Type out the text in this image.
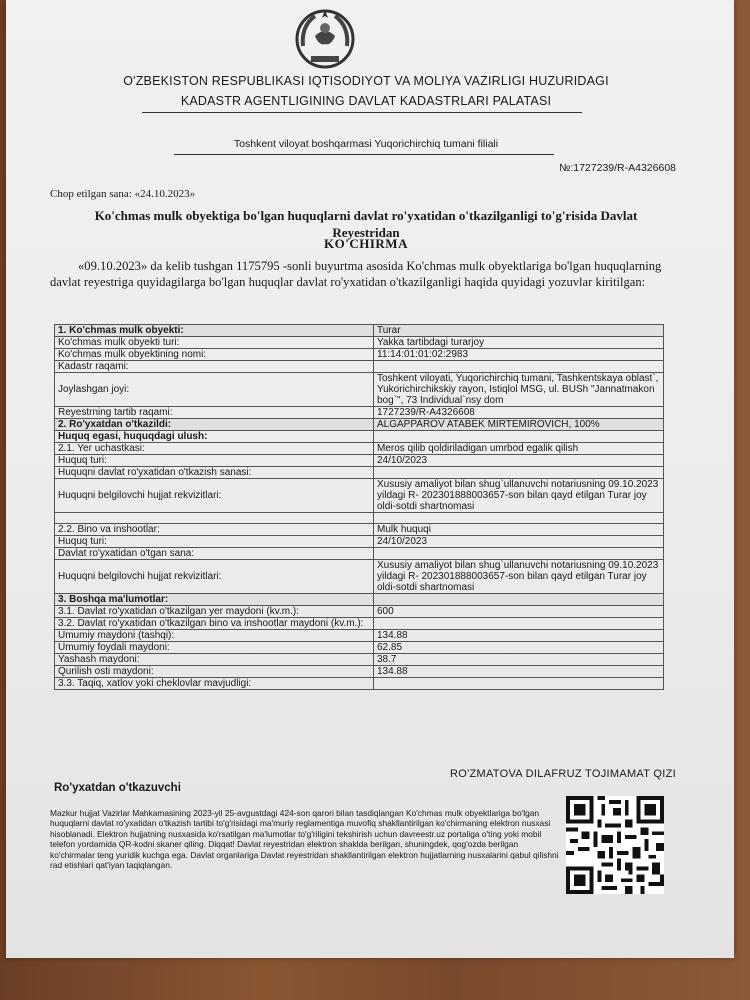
O'ZBEKISTON RESPUBLIKASI IQTISODIYOT VA MOLIYA VAZIRLIGI HUZURIDAGI
KADASTR AGENTLIGINING DAVLAT KADASTRLARI PALATASI
Toshkent viloyat boshqarmasi Yuqorichirchiq tumani filiali
№:1727239/R-A4326608
Chop etilgan sana: «24.10.2023»
Ko'chmas mulk obyektiga bo'lgan huquqlarni davlat ro'yxatidan o'tkazilganligi to'g'risida Davlat
Reyestridan
KO'CHIRMA
«09.10.2023» da kelib tushgan 1175795 -sonli buyurtma asosida Ko'chmas mulk obyektlariga bo'lgan huquqlarning davlat reyestriga quyidagilarga bo'lgan huquqlar davlat ro'yxatidan o'tkazilganligi haqida quyidagi yozuvlar kiritilgan:
1. Ko'chmas mulk obyekti:	Turar
Ko'chmas mulk obyekti turi:	Yakka tartibdagi turarjoy
Ko'chmas mulk obyektining nomi:	11:14:01:01:02:2983
Kadastr raqami:	
Joylashgan joyi:	Toshkent viloyati, Yuqorichirchiq tumani, Tashkentskaya oblast`, Yukorichirchikskiy rayon, Istiqlol MSG, ul. BUSh "Jannatmakon bog`", 73 Individual`nsy dom
Reyestrning tartib raqami:	1727239/R-A4326608
2. Ro'yxatdan o'tkazildi:	ALGAPPAROV ATABEK MIRTEMIROVICH, 100%
Huquq egasi, huquqdagi ulush:	
2.1. Yer uchastkasi:	Meros qilib qoldiriladigan umrbod egalik qilish
Huquq turi:	24/10/2023
Huquqni davlat ro'yxatidan o'tkazish sanasi:	
Huquqni belgilovchi hujjat rekvizitlari:	Xususiy amaliyot bilan shug`ullanuvchi notariusning 09.10.2023 yildagi R- 202301888003657-son bilan qayd etilgan Turar joy oldi-sotdi shartnomasi

2.2. Bino va inshootlar:	Mulk huquqi
Huquq turi:	24/10/2023
Davlat ro'yxatidan o'tgan sana:	
Huquqni belgilovchi hujjat rekvizitlari:	Xususiy amaliyot bilan shug`ullanuvchi notariusning 09.10.2023 yildagi R- 202301888003657-son bilan qayd etilgan Turar joy oldi-sotdi shartnomasi
3. Boshqa ma'lumotlar:	
3.1. Davlat ro'yxatidan o'tkazilgan yer maydoni (kv.m.):	600
3.2. Davlat ro'yxatidan o'tkazilgan bino va inshootlar maydoni (kv.m.):	
Umumiy maydoni (tashqi):	134.88
Umumiy foydali maydoni:	62.85
Yashash maydoni:	38.7
Qurilish osti maydoni:	134.88
3.3. Taqiq, xatlov yoki cheklovlar mavjudligi:	
RO'ZMATOVA DILAFRUZ TOJIMAMAT QIZI
Ro'yxatdan o'tkazuvchi
Mazkur hujjat Vazirlar Mahkamasining 2023-yil 25-avgustdagi 424-son qarori bilan tasdiqlangan Ko'chmas mulk obyektlariga bo'lgan huquqlarni davlat ro'yxatidan o'tkazish tartibi to'g'risidagi ma'muriy reglamentiga muvofiq shakllantirilgan ko'chirmaning elektron nusxasi hisoblanadi. Elektron hujjatning nusxasida ko'rsatilgan ma'lumotlar to'g'riligini tekshirish uchun davreestr.uz portaliga o'ting yoki mobil telefon yordamida QR-kodni skaner qiling. Diqqat! Davlat reyestridan elektron shaklda berilgan, shuningdek, qog'ozda berilgan ko'chirmalar teng yuridik kuchga ega. Davlat organlariga Davlat reyestridan shakllantirilgan elektron hujjatlarning nusxalarini qabul qilishni rad etishlari qat'iyan taqiqlangan.
